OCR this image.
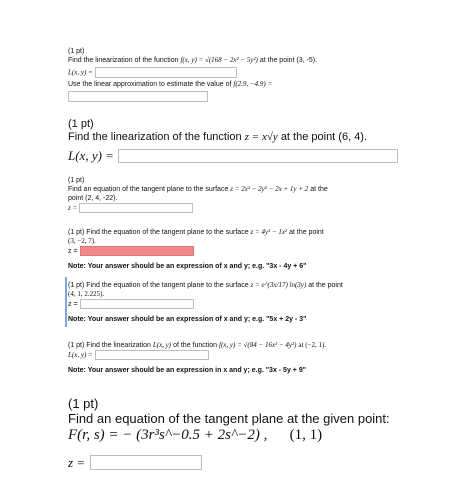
(1 pt)
Find the linearization of the function f(x, y) = √(168 − 2x² − 5y²) at the point (3, -5).
L(x, y) =
Use the linear approximation to estimate the value of f(2.9, −4.9) =
(1 pt)
Find the linearization of the function z = x√y at the point (6, 4).
L(x, y) =
(1 pt)
Find an equation of the tangent plane to the surface z = 2x² − 2y² − 2x + 1y + 2 at the
point (2, 4, -22).
z =
(1 pt) Find the equation of the tangent plane to the surface z = 4y² − 1x² at the point
(3, −2, 7).
z =
Note: Your answer should be an expression of x and y; e.g. "3x - 4y + 6"
(1 pt) Find the equation of the tangent plane to the surface z = e^(3x/17) ln(3y) at the point
(4, 1, 2.225).
z =
Note: Your answer should be an expression of x and y; e.g. "5x + 2y - 3"
(1 pt) Find the linearization L(x, y) of the function f(x, y) = √(84 − 16x² − 4y²) at (−2, 1).
L(x, y) =
Note: Your answer should be an expression in x and y; e.g. "3x - 5y + 9"
(1 pt)
Find an equation of the tangent plane at the given point:
F(r, s) = − (3r³s^−0.5 + 2s^−2) , (1, 1)
z =
